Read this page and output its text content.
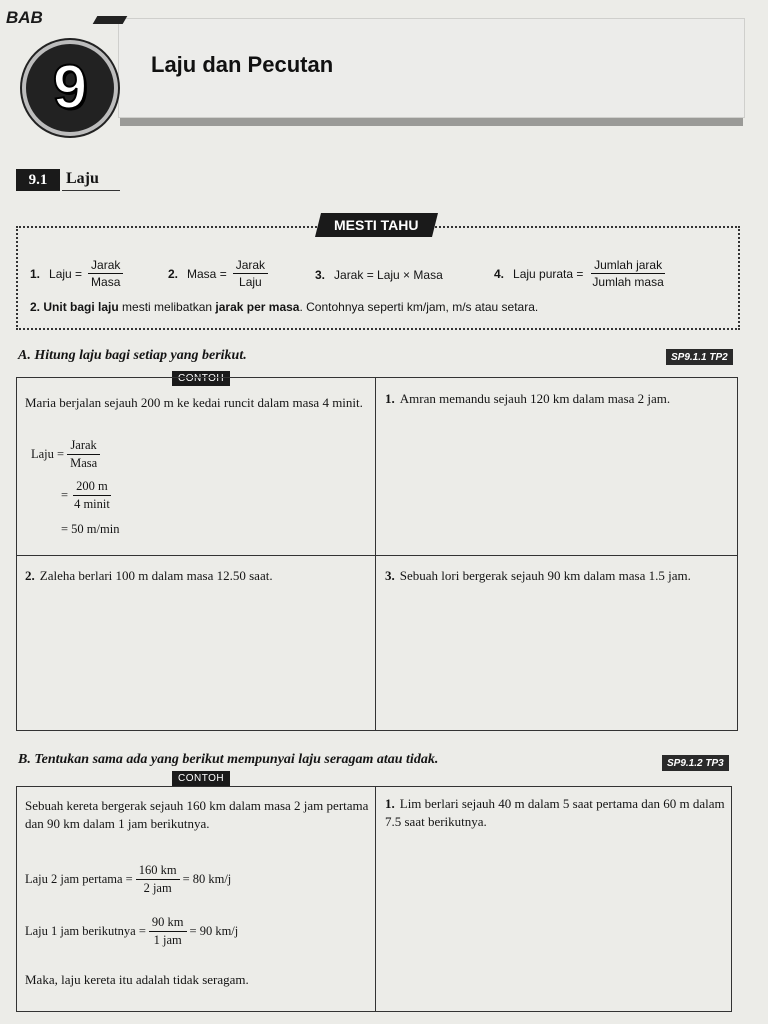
BAB
9	Laju dan Pecutan
9.1	Laju
MESTI TAHU
1. Laju = $\frac{\text{Jarak}}{\text{Masa}}$	2. Masa = $\frac{\text{Jarak}}{\text{Laju}}$	3. Jarak = Laju × Masa	4. Laju purata = $\frac{\text{Jumlah jarak}}{\text{Jumlah masa}}$
2. Unit bagi laju mesti melibatkan jarak per masa. Contohnya seperti km/jam, m/s atau setara.
A. Hitung laju bagi setiap yang berikut.	SP9.1.1 TP2
CONTOH
Maria berjalan sejauh 200 m ke kedai runcit dalam masa 4 minit.
Laju = $\frac{\text{Jarak}}{\text{Masa}}$
= $\frac{200 m}{\text{4 minit}}$
= 50 m/min
1. Amran memandu sejauh 120 km dalam masa 2 jam.
2. Zaleha berlari 100 m dalam masa 12.50 saat.	3. Sebuah lori bergerak sejauh 90 km dalam masa 1.5 jam.
B. Tentukan sama ada yang berikut mempunyai laju seragam atau tidak.	SP9.1.2 TP3
CONTOH
Sebuah kereta bergerak sejauh 160 km dalam masa 2 jam pertama dan 90 km dalam 1 jam berikutnya.
Laju 2 jam pertama = $\frac{160 km}{\text{2 jam}} = 80$ km/j
Laju 1 jam berikutnya = $\frac{90 km}{\text{1 jam}} = 90$ km/j
Maka, laju kereta itu adalah tidak seragam.
1. Lim berlari sejauh 40 m dalam 5 saat pertama dan 60 m dalam 7.5 saat berikutnya.
